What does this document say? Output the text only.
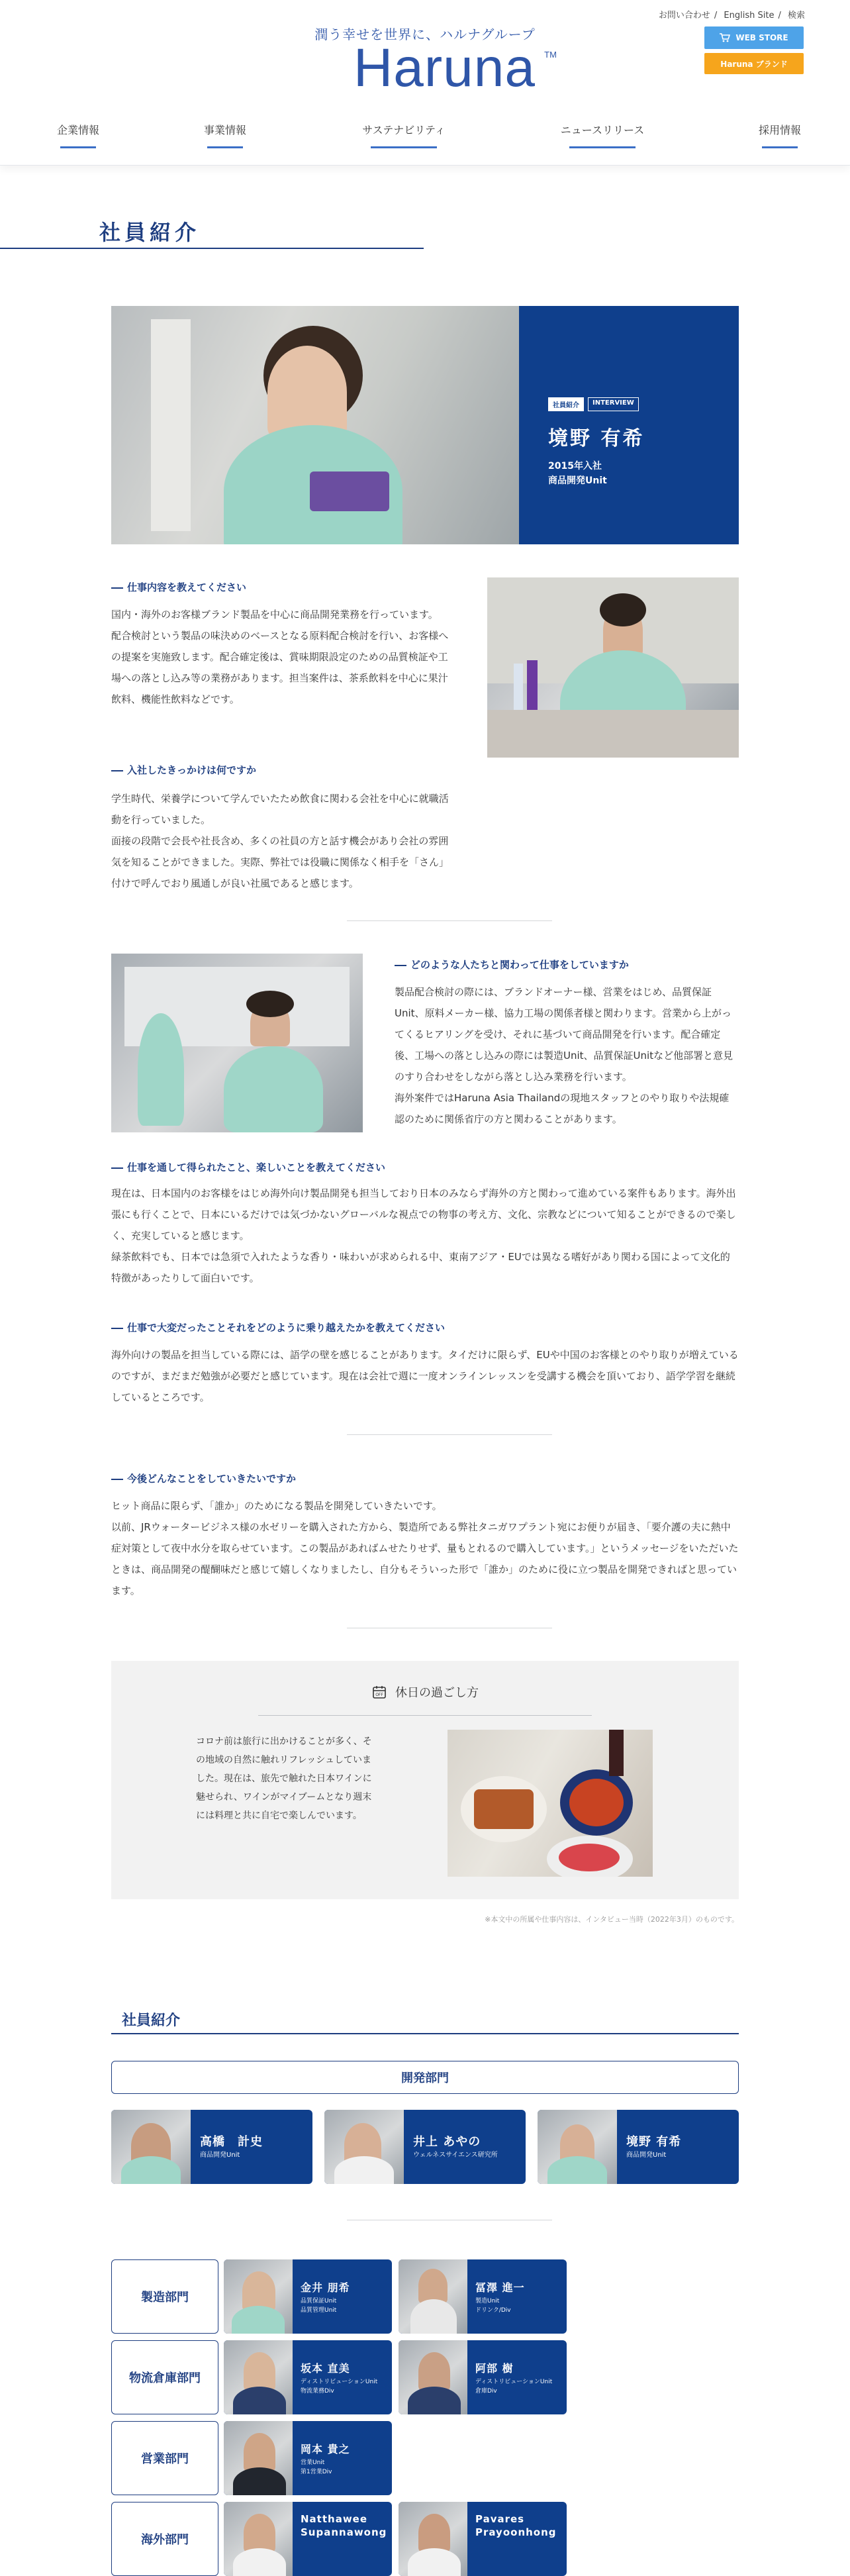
潤う幸せを世界に、ハルナグループ
Haruna TM
お問い合わせ / English Site / 検索
WEB STORE
Haruna ブランド
企業情報	事業情報	サステナビリティ	ニュースリリース	採用情報
社員紹介
社員紹介	INTERVIEW
境野 有希
2015年入社
商品開発Unit
仕事内容を教えてください
国内・海外のお客様ブランド製品を中心に商品開発業務を行っています。
配合検討という製品の味決めのベースとなる原料配合検討を行い、お客様への提案を実施致します。配合確定後は、賞味期限設定のための品質検証や工場への落とし込み等の業務があります。担当案件は、茶系飲料を中心に果汁飲料、機能性飲料などです。
入社したきっかけは何ですか
学生時代、栄養学について学んでいたため飲食に関わる会社を中心に就職活動を行っていました。
面接の段階で会長や社長含め、多くの社員の方と話す機会があり会社の雰囲気を知ることができました。実際、弊社では役職に関係なく相手を「さん」付けで呼んでおり風通しが良い社風であると感じます。
どのような人たちと関わって仕事をしていますか
製品配合検討の際には、ブランドオーナー様、営業をはじめ、品質保証Unit、原料メーカー様、協力工場の関係者様と関わります。営業から上がってくるヒアリングを受け、それに基づいて商品開発を行います。配合確定後、工場への落とし込みの際には製造Unit、品質保証Unitなど他部署と意見のすり合わせをしながら落とし込み業務を行います。
海外案件ではHaruna Asia Thailandの現地スタッフとのやり取りや法規確認のために関係省庁の方と関わることがあります。
仕事を通して得られたこと、楽しいことを教えてください
現在は、日本国内のお客様をはじめ海外向け製品開発も担当しており日本のみならず海外の方と関わって進めている案件もあります。海外出張にも行くことで、日本にいるだけでは気づかないグローバルな視点での物事の考え方、文化、宗教などについて知ることができるので楽しく、充実していると感じます。
緑茶飲料でも、日本では急須で入れたような香り・味わいが求められる中、東南アジア・EUでは異なる嗜好があり関わる国によって文化的特徴があったりして面白いです。
仕事で大変だったことそれをどのように乗り越えたかを教えてください
海外向けの製品を担当している際には、語学の壁を感じることがあります。タイだけに限らず、EUや中国のお客様とのやり取りが増えているのですが、まだまだ勉強が必要だと感じています。現在は会社で週に一度オンラインレッスンを受講する機会を頂いており、語学学習を継続しているところです。
今後どんなことをしていきたいですか
ヒット商品に限らず、「誰か」のためになる製品を開発していきたいです。
以前、JRウォータービジネス様の水ゼリーを購入された方から、製造所である弊社タニガワプラント宛にお便りが届き、「要介護の夫に熱中症対策として夜中水分を取らせています。この製品があればムせたりせず、量もとれるので購入しています。」というメッセージをいただいたときは、商品開発の醍醐味だと感じて嬉しくなりましたし、自分もそういった形で「誰か」のために役に立つ製品を開発できればと思っています。
OFF 休日の過ごし方

コロナ前は旅行に出かけることが多く、その地域の自然に触れリフレッシュしていました。現在は、旅先で触れた日本ワインに魅せられ、ワインがマイブームとなり週末には料理と共に自宅で楽しんでいます。

※本文中の所属や仕事内容は、インタビュー当時（2022年3月）のものです。
社員紹介
開発部門
高橋　計史
商品開発Unit
井上 あやの
ウェルネスサイエンス研究所
境野 有希
商品開発Unit
製造部門
金井 朋希
品質保証Unit
品質管理Unit
冨澤 進一
製造Unit
ドリンク/Div
物流倉庫部門
坂本 直美
ディストリビューションUnit
物流業務Div
阿部 樹
ディストリビューションUnit
倉庫Div
営業部門
岡本 貴之
営業Unit
第1営業Div
海外部門
Natthawee Supannawong
Pavares Prayoonhong
